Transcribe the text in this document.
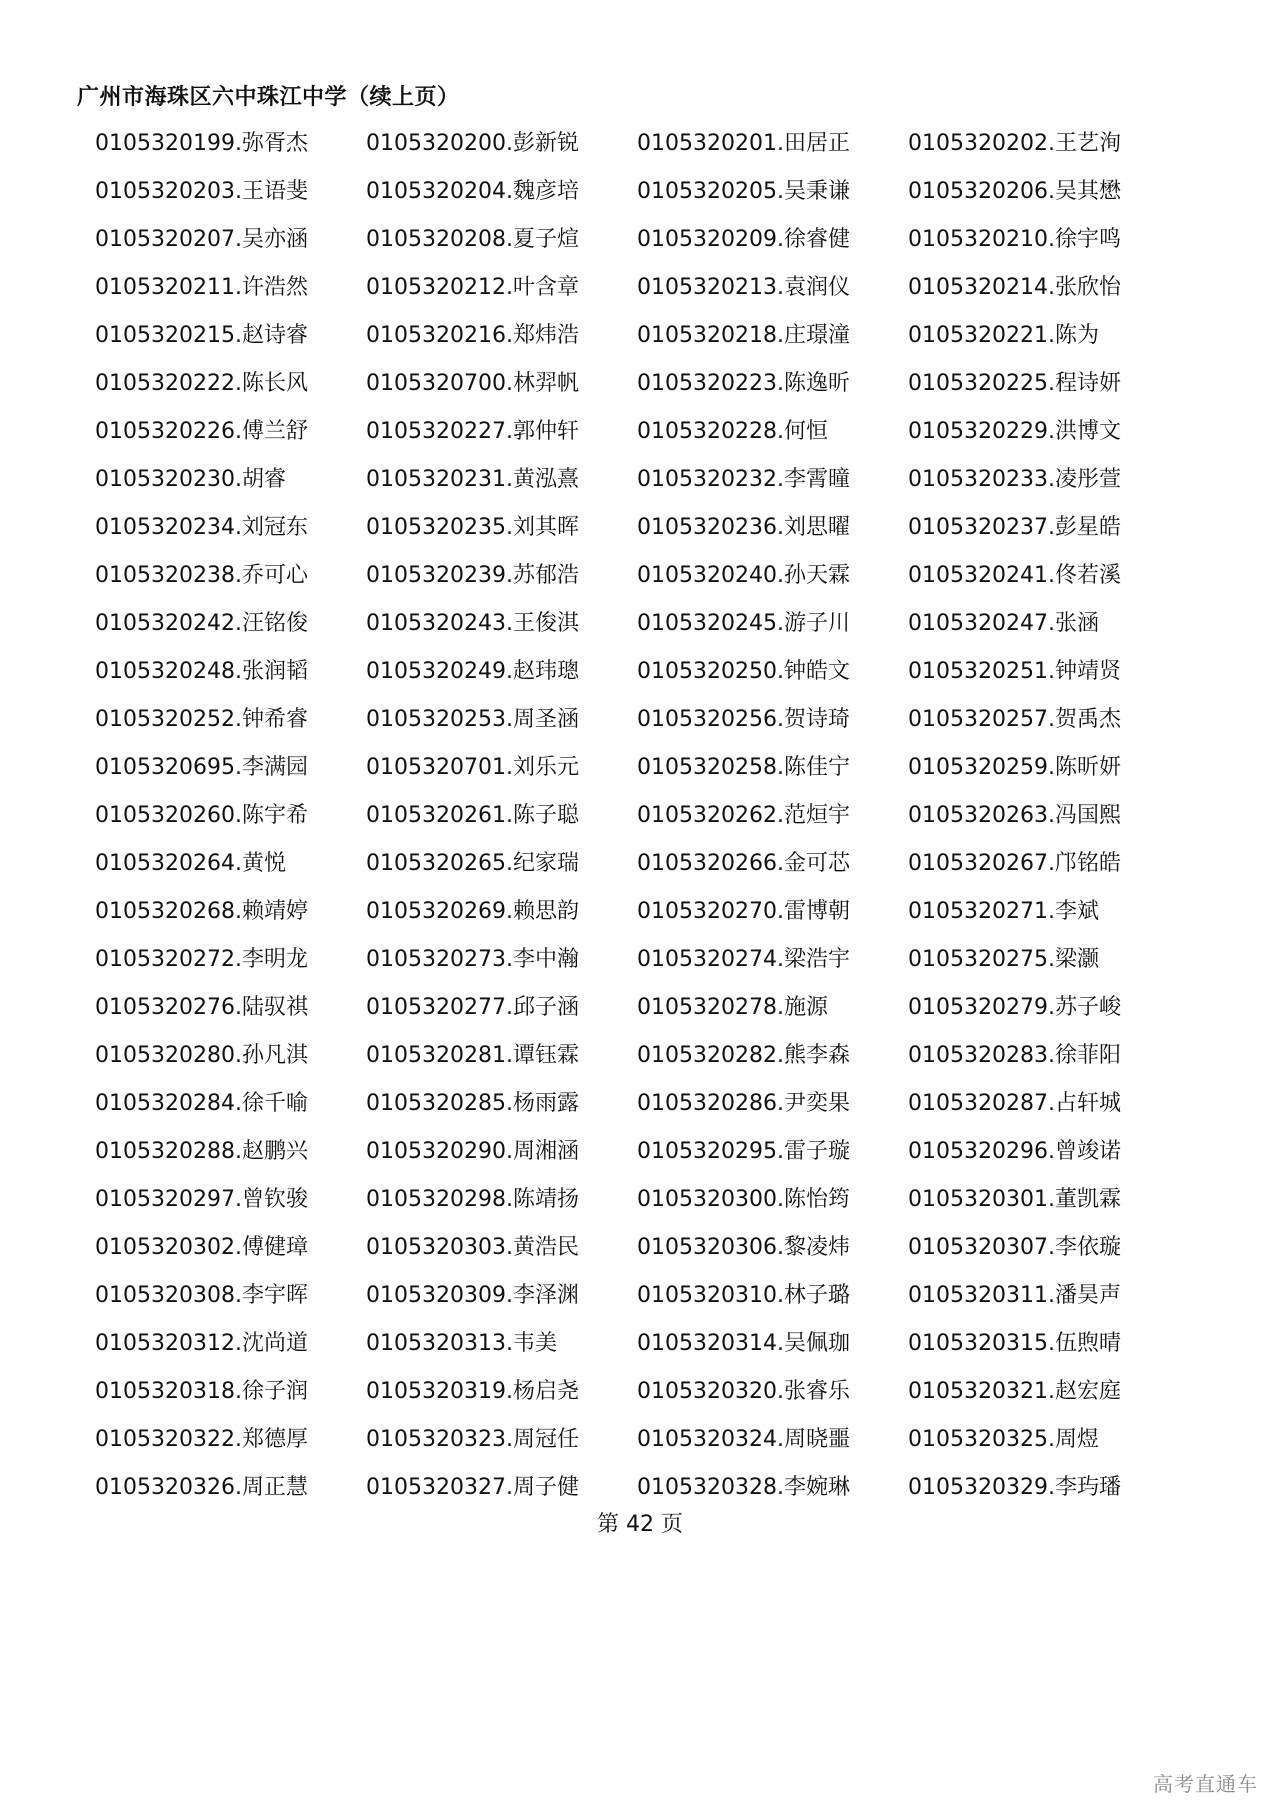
广州市海珠区六中珠江中学（续上页）
0105320199.弥胥杰	0105320200.彭新锐	0105320201.田居正	0105320202.王艺洵
0105320203.王语斐	0105320204.魏彦培	0105320205.吴秉谦	0105320206.吴其懋
0105320207.吴亦涵	0105320208.夏子煊	0105320209.徐睿健	0105320210.徐宇鸣
0105320211.许浩然	0105320212.叶含章	0105320213.袁润仪	0105320214.张欣怡
0105320215.赵诗睿	0105320216.郑炜浩	0105320218.庄璟潼	0105320221.陈为
0105320222.陈长风	0105320700.林羿帆	0105320223.陈逸昕	0105320225.程诗妍
0105320226.傅兰舒	0105320227.郭仲轩	0105320228.何恒	0105320229.洪博文
0105320230.胡睿	0105320231.黄泓熹	0105320232.李霄曈	0105320233.凌彤萱
0105320234.刘冠东	0105320235.刘其晖	0105320236.刘思曜	0105320237.彭星皓
0105320238.乔可心	0105320239.苏郁浩	0105320240.孙天霖	0105320241.佟若溪
0105320242.汪铭俊	0105320243.王俊淇	0105320245.游子川	0105320247.张涵
0105320248.张润韬	0105320249.赵玮璁	0105320250.钟皓文	0105320251.钟靖贤
0105320252.钟希睿	0105320253.周圣涵	0105320256.贺诗琦	0105320257.贺禹杰
0105320695.李满园	0105320701.刘乐元	0105320258.陈佳宁	0105320259.陈昕妍
0105320260.陈宇希	0105320261.陈子聪	0105320262.范烜宇	0105320263.冯国熙
0105320264.黄悦	0105320265.纪家瑞	0105320266.金可芯	0105320267.邝铭皓
0105320268.赖靖婷	0105320269.赖思韵	0105320270.雷博朝	0105320271.李斌
0105320272.李明龙	0105320273.李中瀚	0105320274.梁浩宇	0105320275.梁灏
0105320276.陆驭祺	0105320277.邱子涵	0105320278.施源	0105320279.苏子峻
0105320280.孙凡淇	0105320281.谭钰霖	0105320282.熊李森	0105320283.徐菲阳
0105320284.徐千喻	0105320285.杨雨露	0105320286.尹奕果	0105320287.占轩城
0105320288.赵鹏兴	0105320290.周湘涵	0105320295.雷子璇	0105320296.曾竣诺
0105320297.曾钦骏	0105320298.陈靖扬	0105320300.陈怡筠	0105320301.董凯霖
0105320302.傅健璋	0105320303.黄浩民	0105320306.黎凌炜	0105320307.李依璇
0105320308.李宇晖	0105320309.李泽渊	0105320310.林子璐	0105320311.潘昊声
0105320312.沈尚道	0105320313.韦美	0105320314.吴佩珈	0105320315.伍煦晴
0105320318.徐子润	0105320319.杨启尧	0105320320.张睿乐	0105320321.赵宏庭
0105320322.郑德厚	0105320323.周冠任	0105320324.周晓噩	0105320325.周煜
0105320326.周正慧	0105320327.周子健	0105320328.李婉琳	0105320329.李玙璠
第 42 页
高考直通车
